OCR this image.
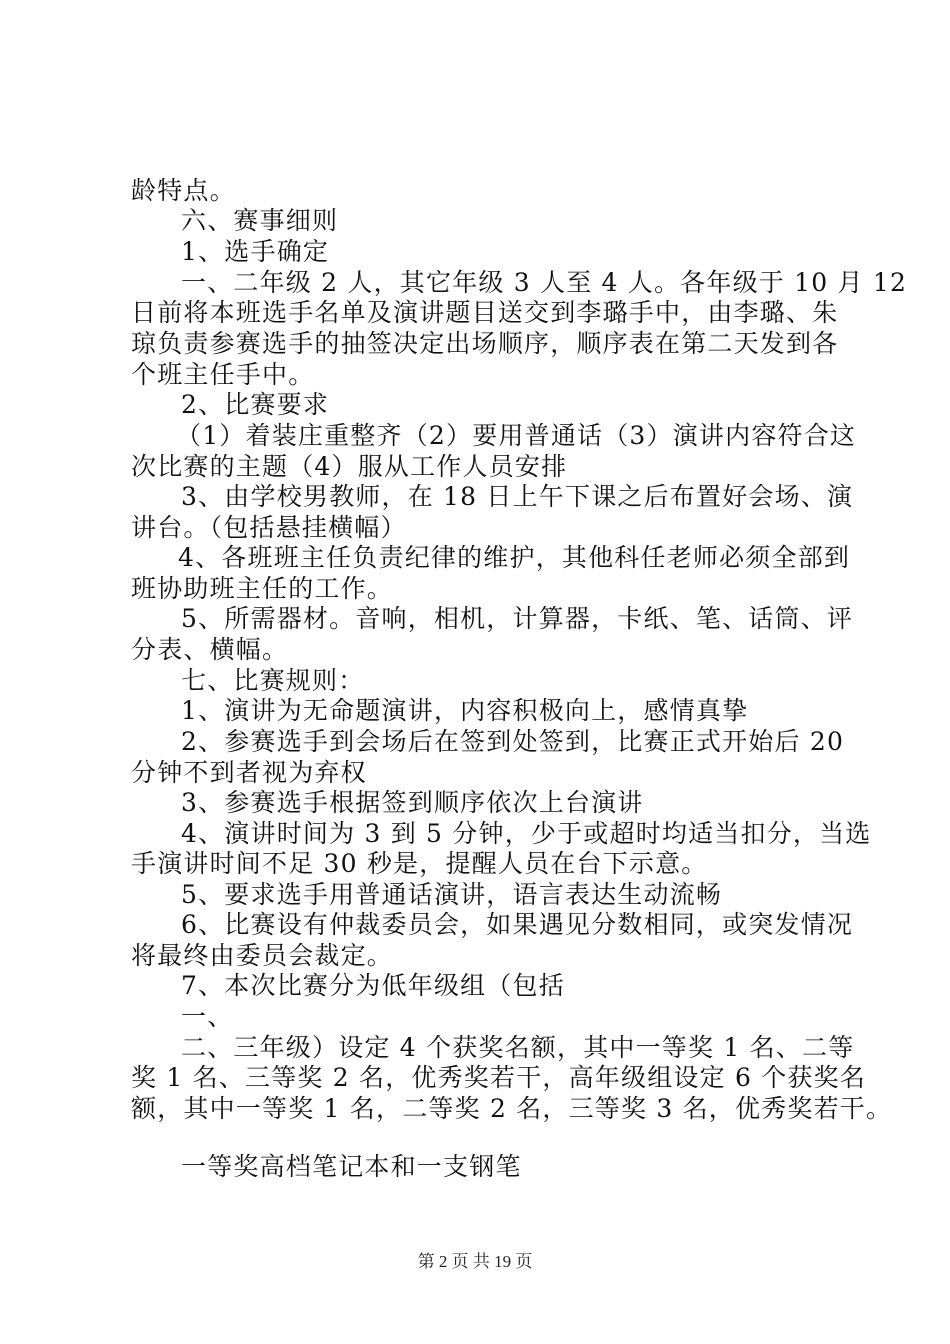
龄特点。
六、赛事细则
1、选手确定
一、二年级 2 人，其它年级 3 人至 4 人。各年级于 10 月 12
日前将本班选手名单及演讲题目送交到李璐手中，由李璐、朱
琼负责参赛选手的抽签决定出场顺序，顺序表在第二天发到各
个班主任手中。
2、比赛要求
（1）着装庄重整齐（2）要用普通话（3）演讲内容符合这
次比赛的主题（4）服从工作人员安排
3、由学校男教师，在 18 日上午下课之后布置好会场、演
讲台。（包括悬挂横幅）
4、各班班主任负责纪律的维护，其他科任老师必须全部到
班协助班主任的工作。
5、所需器材。音响，相机，计算器，卡纸、笔、话筒、评
分表、横幅。
七、比赛规则：
1、演讲为无命题演讲，内容积极向上，感情真挚
2、参赛选手到会场后在签到处签到，比赛正式开始后 20
分钟不到者视为弃权
3、参赛选手根据签到顺序依次上台演讲
4、演讲时间为 3 到 5 分钟，少于或超时均适当扣分，当选
手演讲时间不足 30 秒是，提醒人员在台下示意。
5、要求选手用普通话演讲，语言表达生动流畅
6、比赛设有仲裁委员会，如果遇见分数相同，或突发情况
将最终由委员会裁定。
7、本次比赛分为低年级组（包括
一、
二、三年级）设定 4 个获奖名额，其中一等奖 1 名、二等
奖 1 名、三等奖 2 名，优秀奖若干，高年级组设定 6 个获奖名
额，其中一等奖 1 名，二等奖 2 名，三等奖 3 名，优秀奖若干。
一等奖高档笔记本和一支钢笔
第 2 页 共 19 页
